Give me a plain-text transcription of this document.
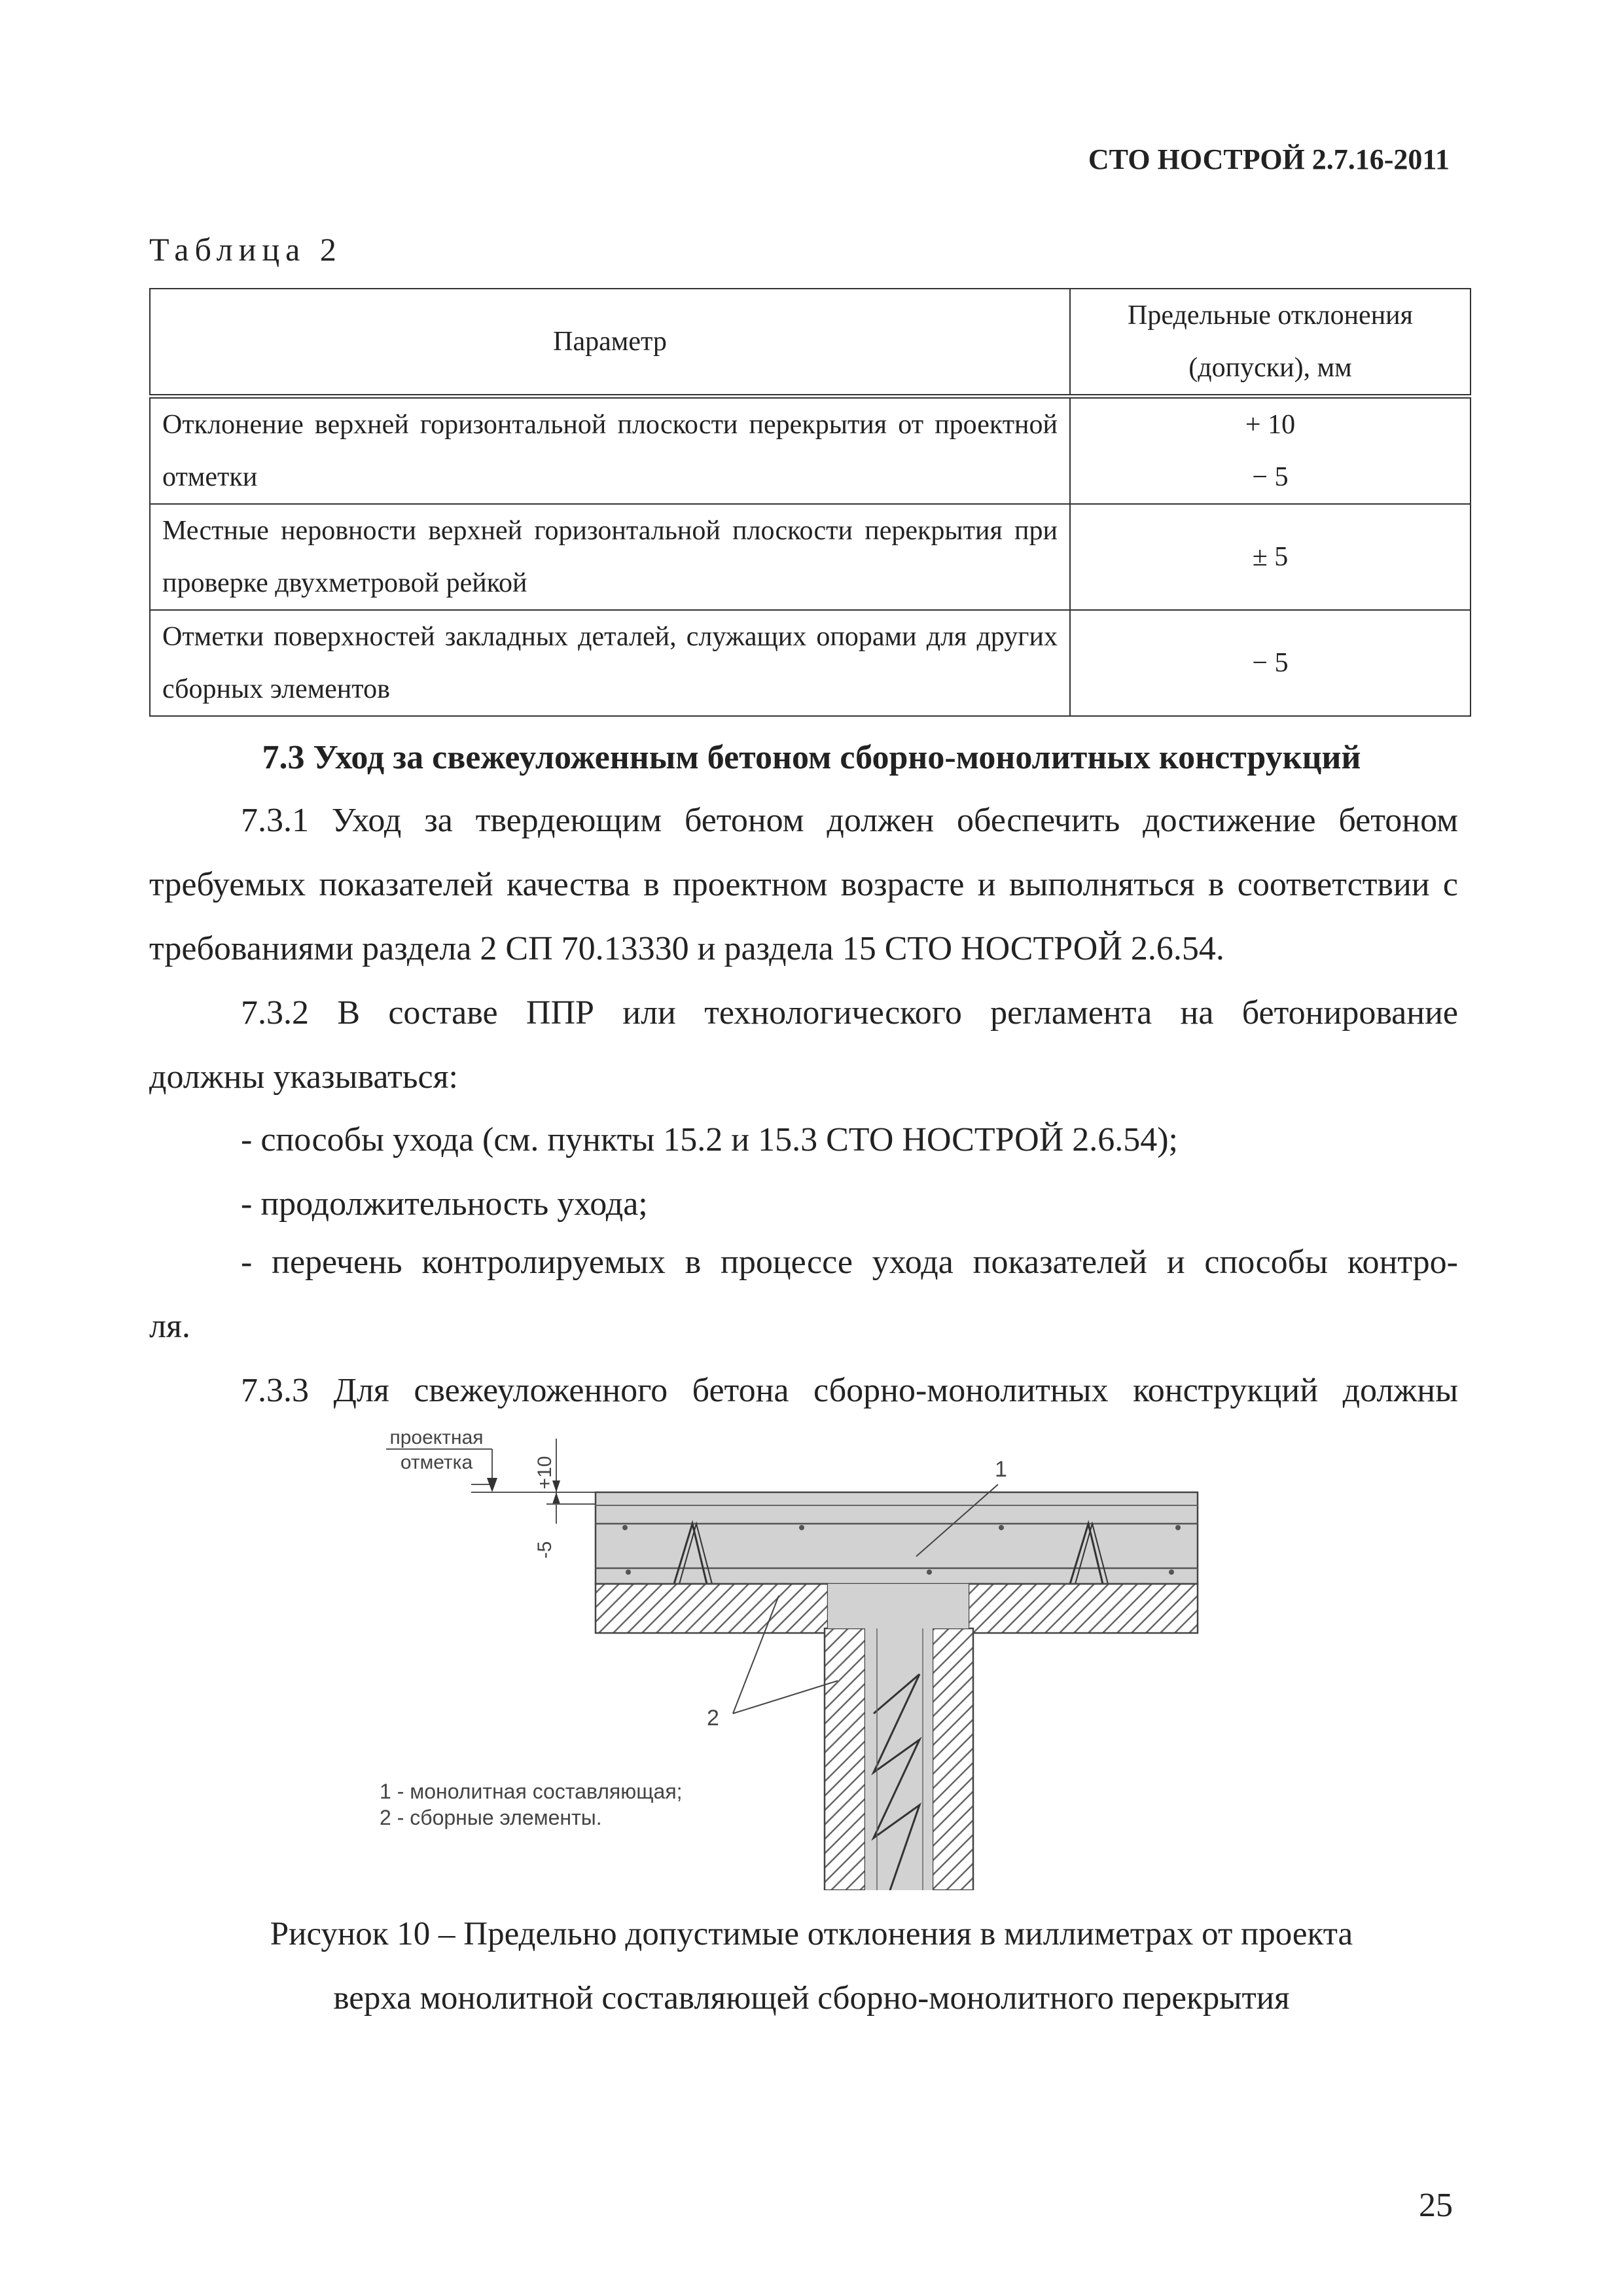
СТО НОСТРОЙ 2.7.16-2011
Таблица 2
Параметр	Предельные отклонения
(допуски), мм

Отклонение верхней горизонтальной плоскости перекрытия от проектной отметки	+ 10
− 5

Местные неровности верхней горизонтальной плоскости перекрытия при проверке двухметровой рейкой	± 5
Отметки поверхностей закладных деталей, служащих опорами для других сборных элементов	− 5
7.3 Уход за свежеуложенным бетоном сборно-монолитных конструкций
7.3.1 Уход за твердеющим бетоном должен обеспечить достижение бетоном
требуемых показателей качества в проектном возрасте и выполняться в соответствии с требованиями раздела 2 СП 70.13330 и раздела 15 СТО НОСТРОЙ 2.6.54.
7.3.2 В составе ППР или технологического регламента на бетонирование
должны указываться:
- способы ухода (см. пункты 15.2 и 15.3 СТО НОСТРОЙ 2.6.54);
- продолжительность ухода;
- перечень контролируемых в процессе ухода показателей и способы контро-
ля.
7.3.3 Для свежеуложенного бетона сборно-монолитных конструкций должны
проектная
отметка	+10
-5
1
2
1 - монолитная составляющая;
2 - сборные элементы.
Рисунок 10 – Предельно допустимые отклонения в миллиметрах от проекта
верха монолитной составляющей сборно-монолитного перекрытия
25
